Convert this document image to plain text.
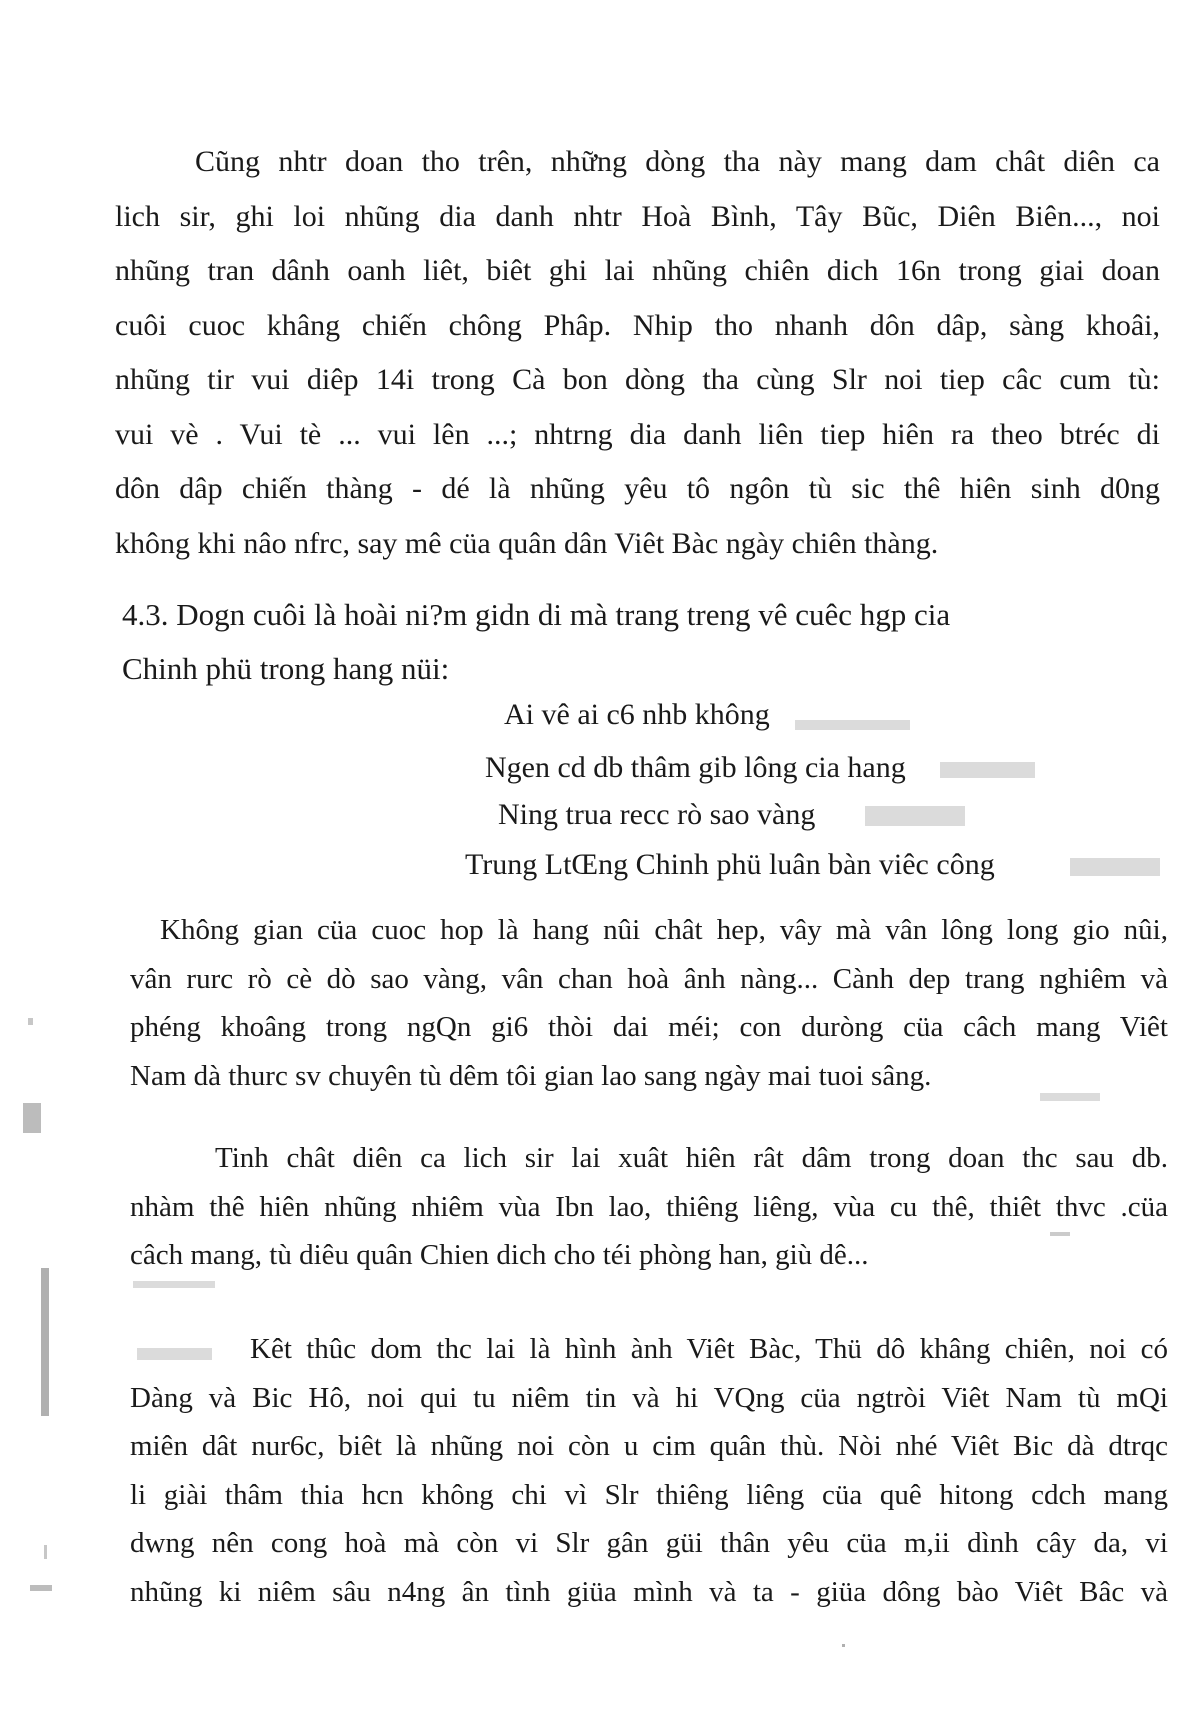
Cũng nhtr doan tho trên, những dòng tha này mang dam chât diên ca
lich sir, ghi loi nhũng dia danh nhtr Hoà Bình, Tây Bũc, Diên Biên..., noi
nhũng tran dânh oanh liêt, biêt ghi lai nhũng chiên dich 16n trong giai doan
cuôi cuoc khâng chiến chông Phâp. Nhip tho nhanh dôn dâp, sàng khoâi,
nhũng tir vui diêp 14i trong Cà bon dòng tha cùng Slr noi tiep câc cum tù:
vui vè . Vui tè ... vui lên ...; nhtrng dia danh liên tiep hiên ra theo btréc di
dôn dâp chiến thàng - dé là nhũng yêu tô ngôn tù sic thê hiên sinh d0ng
không khi nâo nfrc, say mê cüa quân dân Viêt Bàc ngày chiên thàng.
4.3. Dogn cuôi là hoài ni?m gidn di mà trang treng vê cuêc hgp cia
Chinh phü trong hang nüi:
Ai vê ai c6 nhb không
Ngen cd db thâm gib lông cia hang
Ning trua recc rò sao vàng
Trung LtŒng Chinh phü luân bàn viêc công
Không gian cüa cuoc hop là hang nûi chât hep, vây mà vân lông long gio nûi,
vân rurc rò cè dò sao vàng, vân chan hoà ânh nàng... Cành dep trang nghiêm và
phéng khoâng trong ngQn gi6 thòi dai méi; con duròng cüa câch mang Viêt
Nam dà thurc sv chuyên tù dêm tôi gian lao sang ngày mai tuoi sâng.
Tinh chât diên ca lich sir lai xuât hiên rât dâm trong doan thc sau db.
nhàm thê hiên nhũng nhiêm vùa Ibn lao, thiêng liêng, vùa cu thê, thiêt thvc .cüa
câch mang, tù diêu quân Chien dich cho téi phòng han, giù dê...
Kêt thûc dom thc lai là hình ành Viêt Bàc, Thü dô khâng chiên, noi có
Dàng và Bic Hô, noi qui tu niêm tin và hi VQng cüa ngtròi Viêt Nam tù mQi
miên dât nur6c, biêt là nhũng noi còn u cim quân thù. Nòi nhé Viêt Bic dà dtrqc
li giài thâm thia hcn không chi vì Slr thiêng liêng cüa quê hitong cdch mang
dwng nên cong hoà mà còn vi Slr gân güi thân yêu cüa m,ii dình cây da, vi
nhũng ki niêm sâu n4ng ân tình giüa mình và ta - giüa dông bào Viêt Bâc và
